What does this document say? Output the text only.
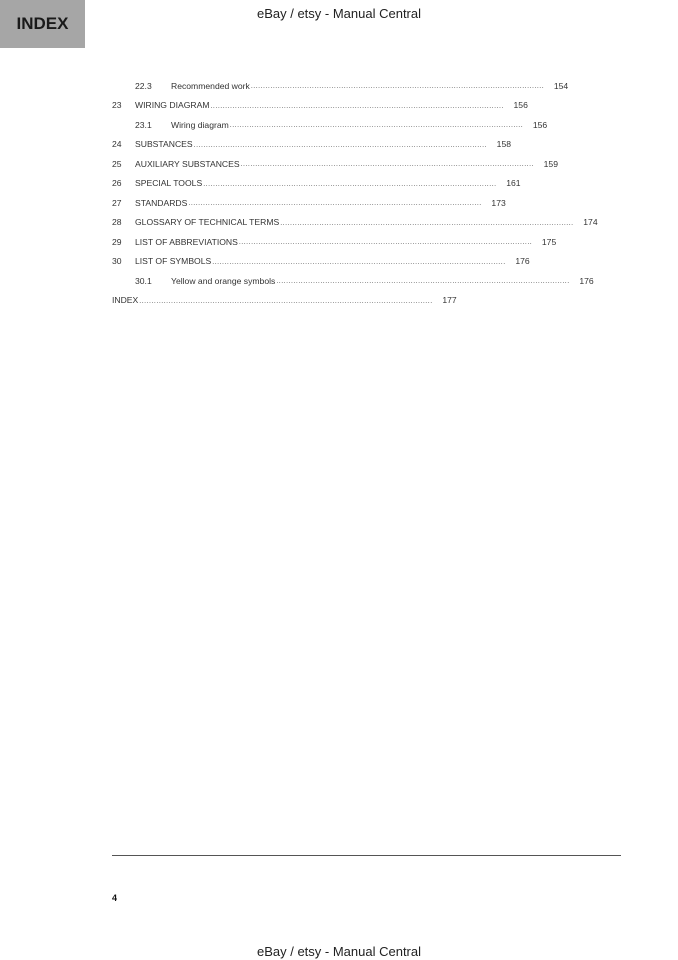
INDEX
eBay / etsy - Manual Central
22.3	Recommended work ........................................................................................................................	154
23	WIRING DIAGRAM ........................................................................................................................	156
23.1	Wiring diagram ........................................................................................................................	156
24	SUBSTANCES ........................................................................................................................	158
25	AUXILIARY SUBSTANCES ........................................................................................................................	159
26	SPECIAL TOOLS ........................................................................................................................	161
27	STANDARDS ........................................................................................................................	173
28	GLOSSARY OF TECHNICAL TERMS ........................................................................................................................	174
29	LIST OF ABBREVIATIONS ........................................................................................................................	175
30	LIST OF SYMBOLS ........................................................................................................................	176
30.1	Yellow and orange symbols ........................................................................................................................	176
INDEX ........................................................................................................................	177
4
eBay / etsy - Manual Central
